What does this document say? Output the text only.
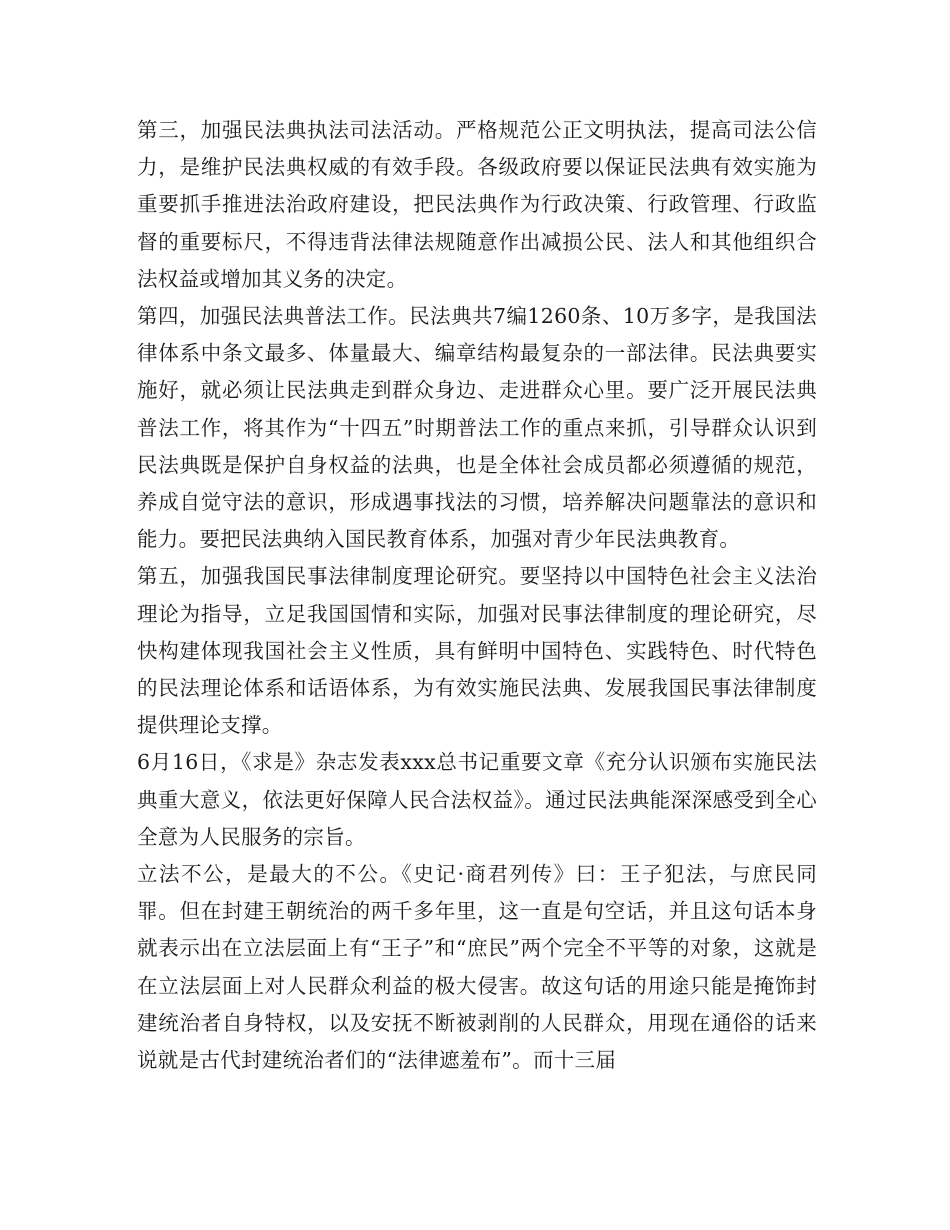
第三，加强民法典执法司法活动。严格规范公正文明执法，提高司法公信力，是维护民法典权威的有效手段。各级政府要以保证民法典有效实施为重要抓手推进法治政府建设，把民法典作为行政决策、行政管理、行政监督的重要标尺，不得违背法律法规随意作出减损公民、法人和其他组织合法权益或增加其义务的决定。

第四，加强民法典普法工作。民法典共7编1260条、10万多字，是我国法律体系中条文最多、体量最大、编章结构最复杂的一部法律。民法典要实施好，就必须让民法典走到群众身边、走进群众心里。要广泛开展民法典普法工作，将其作为“十四五”时期普法工作的重点来抓，引导群众认识到民法典既是保护自身权益的法典，也是全体社会成员都必须遵循的规范，养成自觉守法的意识，形成遇事找法的习惯，培养解决问题靠法的意识和能力。要把民法典纳入国民教育体系，加强对青少年民法典教育。

第五，加强我国民事法律制度理论研究。要坚持以中国特色社会主义法治理论为指导，立足我国国情和实际，加强对民事法律制度的理论研究，尽快构建体现我国社会主义性质，具有鲜明中国特色、实践特色、时代特色的民法理论体系和话语体系，为有效实施民法典、发展我国民事法律制度提供理论支撑。

6月16日，《求是》杂志发表xxx总书记重要文章《充分认识颁布实施民法典重大意义，依法更好保障人民合法权益》。通过民法典能深深感受到全心全意为人民服务的宗旨。

立法不公，是最大的不公。《史记·商君列传》曰：王子犯法，与庶民同罪。但在封建王朝统治的两千多年里，这一直是句空话，并且这句话本身就表示出在立法层面上有“王子”和“庶民”两个完全不平等的对象，这就是在立法层面上对人民群众利益的极大侵害。故这句话的用途只能是掩饰封建统治者自身特权，以及安抚不断被剥削的人民群众，用现在通俗的话来说就是古代封建统治者们的“法律遮羞布”。而十三届
